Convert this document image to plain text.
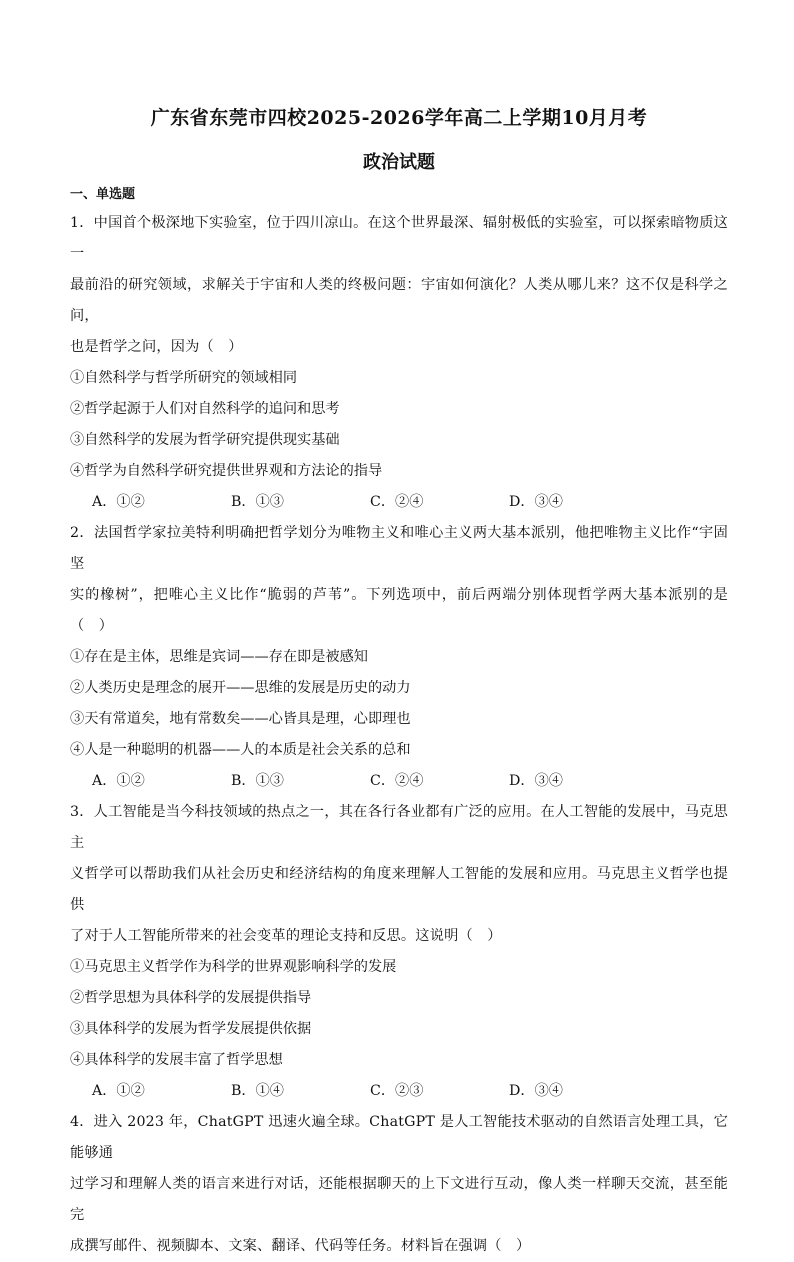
广东省东莞市四校2025-2026学年高二上学期10月月考
政治试题
一、单选题

1．中国首个极深地下实验室，位于四川凉山。在这个世界最深、辐射极低的实验室，可以探索暗物质这一

最前沿的研究领域，求解关于宇宙和人类的终极问题：宇宙如何演化？人类从哪儿来？这不仅是科学之问，

也是哲学之问，因为（　）

①自然科学与哲学所研究的领域相同

②哲学起源于人们对自然科学的追问和思考

③自然科学的发展为哲学研究提供现实基础

④哲学为自然科学研究提供世界观和方法论的指导

A．①②	B．①③	C．②④	D．③④

2．法国哲学家拉美特利明确把哲学划分为唯物主义和唯心主义两大基本派别，他把唯物主义比作“宇固坚

实的橡树”，把唯心主义比作“脆弱的芦苇”。下列选项中，前后两端分别体现哲学两大基本派别的是（　）

①存在是主体，思维是宾词——存在即是被感知

②人类历史是理念的展开——思维的发展是历史的动力

③天有常道矣，地有常数矣——心皆具是理，心即理也

④人是一种聪明的机器——人的本质是社会关系的总和

A．①②	B．①③	C．②④	D．③④

3．人工智能是当今科技领域的热点之一，其在各行各业都有广泛的应用。在人工智能的发展中，马克思主

义哲学可以帮助我们从社会历史和经济结构的角度来理解人工智能的发展和应用。马克思主义哲学也提供

了对于人工智能所带来的社会变革的理论支持和反思。这说明（　）

①马克思主义哲学作为科学的世界观影响科学的发展

②哲学思想为具体科学的发展提供指导

③具体科学的发展为哲学发展提供依据

④具体科学的发展丰富了哲学思想

A．①②	B．①④	C．②③	D．③④

4．进入 2023 年，ChatGPT 迅速火遍全球。ChatGPT 是人工智能技术驱动的自然语言处理工具，它能够通

过学习和理解人类的语言来进行对话，还能根据聊天的上下文进行互动，像人类一样聊天交流，甚至能完

成撰写邮件、视频脚本、文案、翻译、代码等任务。材料旨在强调（　）
